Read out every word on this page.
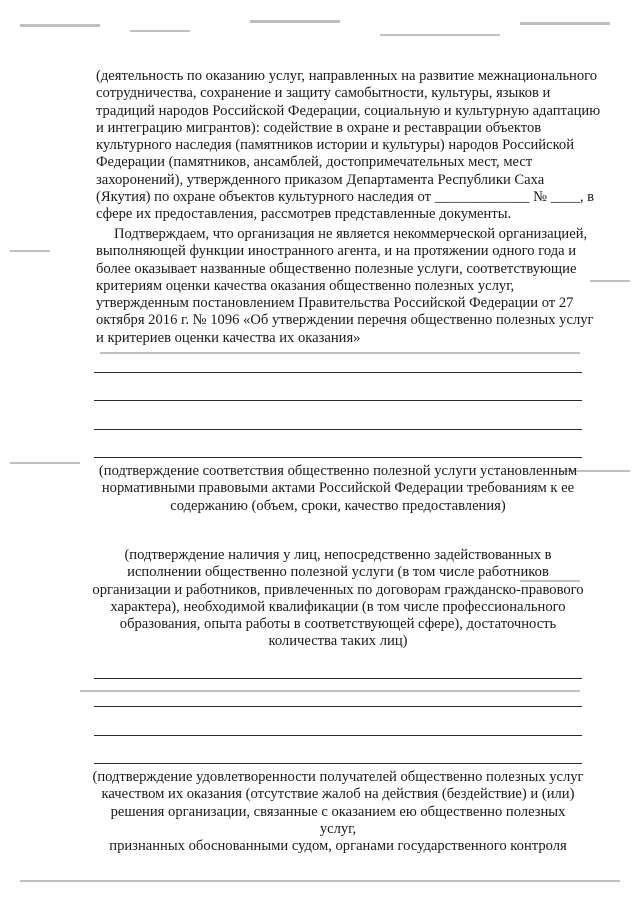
(деятельность по оказанию услуг, направленных на развитие межнационального
сотрудничества, сохранение и защиту самобытности, культуры, языков и
традиций народов Российской Федерации, социальную и культурную адаптацию
и интеграцию мигрантов): содействие в охране и реставрации объектов
культурного наследия (памятников истории и культуры) народов Российской
Федерации (памятников, ансамблей, достопримечательных мест, мест
захоронений), утвержденного приказом Департамента Республики Саха
(Якутия) по охране объектов культурного наследия от _____________ № ____, в
сфере их предоставления, рассмотрев представленные документы.

Подтверждаем, что организация не является некоммерческой организацией,
выполняющей функции иностранного агента, и на протяжении одного года и
более оказывает названные общественно полезные услуги, соответствующие
критериям оценки качества оказания общественно полезных услуг,
утвержденным постановлением Правительства Российской Федерации от 27
октября 2016 г. № 1096 «Об утверждении перечня общественно полезных услуг
и критериев оценки качества их оказания»

(подтверждение соответствия общественно полезной услуги установленным
нормативными правовыми актами Российской Федерации требованиям к ее
содержанию (объем, сроки, качество предоставления)

(подтверждение наличия у лиц, непосредственно задействованных в
исполнении общественно полезной услуги (в том числе работников
организации и работников, привлеченных по договорам гражданско-правового
характера), необходимой квалификации (в том числе профессионального
образования, опыта работы в соответствующей сфере), достаточность
количества таких лиц)

(подтверждение удовлетворенности получателей общественно полезных услуг
качеством их оказания (отсутствие жалоб на действия (бездействие) и (или)
решения организации, связанные с оказанием ею общественно полезных услуг,
признанных обоснованными судом, органами государственного контроля
